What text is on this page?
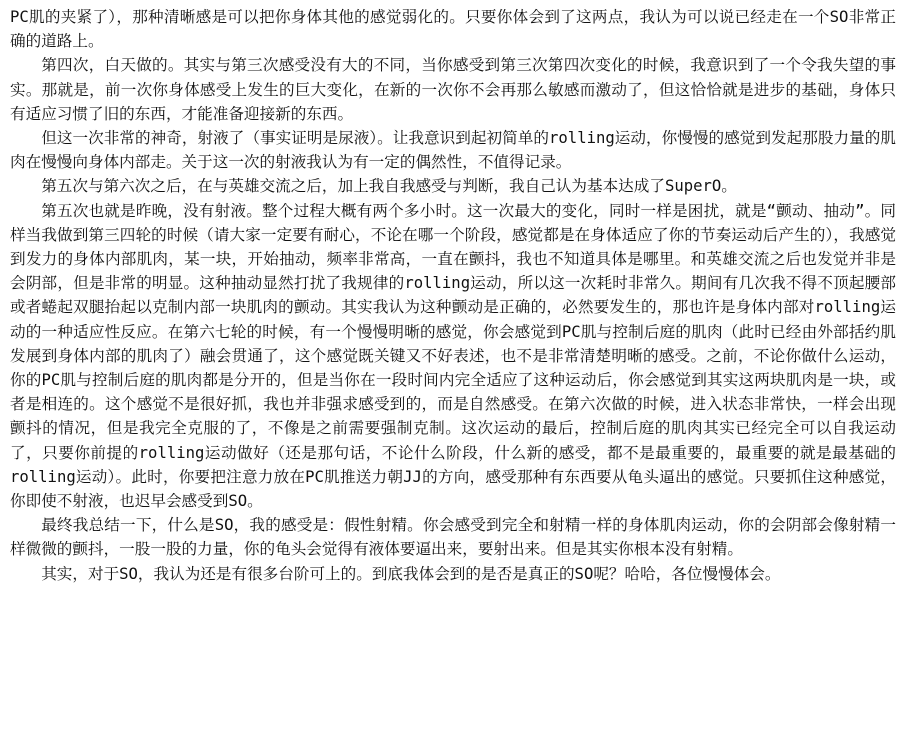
PC肌的夹紧了），那种清晰感是可以把你身体其他的感觉弱化的。只要你体会到了这两点，我认为可以说已经走在一个SO非常正确的道路上。

第四次，白天做的。其实与第三次感受没有大的不同，当你感受到第三次第四次变化的时候，我意识到了一个令我失望的事实。那就是，前一次你身体感受上发生的巨大变化，在新的一次你不会再那么敏感而激动了，但这恰恰就是进步的基础，身体只有适应习惯了旧的东西，才能准备迎接新的东西。

但这一次非常的神奇，射液了（事实证明是尿液）。让我意识到起初简单的rolling运动，你慢慢的感觉到发起那股力量的肌肉在慢慢向身体内部走。关于这一次的射液我认为有一定的偶然性，不值得记录。

第五次与第六次之后，在与英雄交流之后，加上我自我感受与判断，我自己认为基本达成了SuperO。

第五次也就是昨晚，没有射液。整个过程大概有两个多小时。这一次最大的变化，同时一样是困扰，就是“颤动、抽动”。同样当我做到第三四轮的时候（请大家一定要有耐心，不论在哪一个阶段，感觉都是在身体适应了你的节奏运动后产生的），我感觉到发力的身体内部肌肉，某一块，开始抽动，频率非常高，一直在颤抖，我也不知道具体是哪里。和英雄交流之后也发觉并非是会阴部，但是非常的明显。这种抽动显然打扰了我规律的rolling运动，所以这一次耗时非常久。期间有几次我不得不顶起腰部或者蜷起双腿抬起以克制内部一块肌肉的颤动。其实我认为这种颤动是正确的，必然要发生的，那也许是身体内部对rolling运动的一种适应性反应。在第六七轮的时候，有一个慢慢明晰的感觉，你会感觉到PC肌与控制后庭的肌肉（此时已经由外部括约肌发展到身体内部的肌肉了）融会贯通了，这个感觉既关键又不好表述，也不是非常清楚明晰的感受。之前，不论你做什么运动，你的PC肌与控制后庭的肌肉都是分开的，但是当你在一段时间内完全适应了这种运动后，你会感觉到其实这两块肌肉是一块，或者是相连的。这个感觉不是很好抓，我也并非强求感受到的，而是自然感受。在第六次做的时候，进入状态非常快，一样会出现颤抖的情况，但是我完全克服的了，不像是之前需要强制克制。这次运动的最后，控制后庭的肌肉其实已经完全可以自我运动了，只要你前提的rolling运动做好（还是那句话，不论什么阶段，什么新的感受，都不是最重要的，最重要的就是最基础的rolling运动）。此时，你要把注意力放在PC肌推送力朝JJ的方向，感受那种有东西要从龟头逼出的感觉。只要抓住这种感觉，你即使不射液，也迟早会感受到SO。

最终我总结一下，什么是SO，我的感受是：假性射精。你会感受到完全和射精一样的身体肌肉运动，你的会阴部会像射精一样微微的颤抖，一股一股的力量，你的龟头会觉得有液体要逼出来，要射出来。但是其实你根本没有射精。

其实，对于SO，我认为还是有很多台阶可上的。到底我体会到的是否是真正的SO呢？哈哈，各位慢慢体会。
